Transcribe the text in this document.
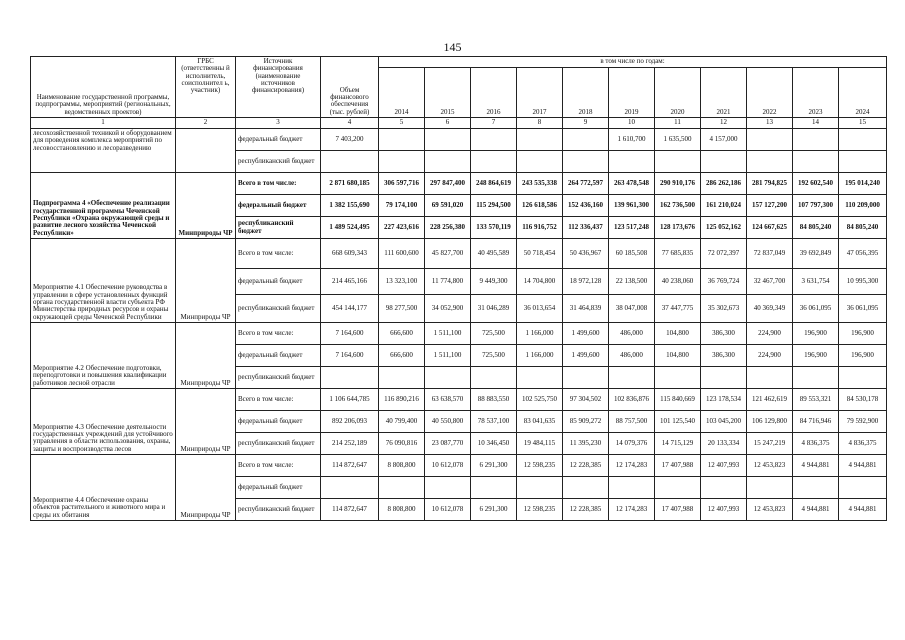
145
Наименование государственной программы, подпрограммы, мероприятий (региональных, ведомственных проектов)	ГРБС (ответственны й исполнитель, соисполнител ь, участник)	Источник финансирования (наименование источников финансирования)	Объем финансового обеспечения (тыс. рублей)	в том числе по годам:										
				2014	2015	2016	2017	2018	2019	2020	2021	2022	2023	2024
1	2	3	4	5	6	7	8	9	10	11	12	13	14	15
лесохозяйственной техникой и оборудованием для проведения комплекса мероприятий по лесовосстановлению и лесоразведению		федеральный бюджет	7 403,200						1 610,700	1 635,500	4 157,000			
		республиканский бюджет												
Подпрограмма 4 «Обеспечение реализации государственной программы Чеченской Республики «Охрана окружающей среды и развитие лесного хозяйства Чеченской Республики»	Минприроды ЧР	Всего в том числе:	2 871 680,185	306 597,716	297 847,400	248 864,619	243 535,338	264 772,597	263 478,548	290 910,176	286 262,186	281 794,825	192 602,540	195 014,240
		федеральный бюджет	1 382 155,690	79 174,100	69 591,020	115 294,500	126 618,586	152 436,160	139 961,300	162 736,500	161 210,024	157 127,200	107 797,300	110 209,000
		республиканский бюджет	1 489 524,495	227 423,616	228 256,380	133 570,119	116 916,752	112 336,437	123 517,248	128 173,676	125 052,162	124 667,625	84 805,240	84 805,240
Мероприятие 4.1 Обеспечение руководства в управлении в сфере установленных функций органа государственной власти субъекта РФ Министерства природных ресурсов и охраны окружающей среды Чеченской Республики	Минприроды ЧР	Всего в том числе:	668 609,343	111 600,600	45 827,700	40 495,589	50 718,454	50 436,967	60 185,508	77 685,835	72 072,397	72 837,049	39 692,849	47 056,395
		федеральный бюджет	214 465,166	13 323,100	11 774,800	9 449,300	14 704,800	18 972,128	22 138,500	40 238,060	36 769,724	32 467,700	3 631,754	10 995,300
		республиканский бюджет	454 144,177	98 277,500	34 052,900	31 046,289	36 013,654	31 464,839	38 047,008	37 447,775	35 302,673	40 369,349	36 061,095	36 061,095
Мероприятие 4.2 Обеспечение подготовки, переподготовки и повышения квалификации работников лесной отрасли	Минприроды ЧР	Всего в том числе:	7 164,600	666,600	1 511,100	725,500	1 166,000	1 499,600	486,000	104,800	386,300	224,900	196,900	196,900
		федеральный бюджет	7 164,600	666,600	1 511,100	725,500	1 166,000	1 499,600	486,000	104,800	386,300	224,900	196,900	196,900
		республиканский бюджет												
Мероприятие 4.3 Обеспечение деятельности государственных учреждений для устойчивого управления в области использования, охраны, защиты и воспроизводства лесов	Минприроды ЧР	Всего в том числе:	1 106 644,785	116 890,216	63 638,570	88 883,550	102 525,750	97 304,502	102 836,876	115 840,669	123 178,534	121 462,619	89 553,321	84 530,178
		федеральный бюджет	892 206,093	40 799,400	40 550,800	78 537,100	83 041,635	85 909,272	88 757,500	101 125,540	103 045,200	106 129,800	84 716,946	79 592,900
		республиканский бюджет	214 252,189	76 090,816	23 087,770	10 346,450	19 484,115	11 395,230	14 079,376	14 715,129	20 133,334	15 247,219	4 836,375	4 836,375
Мероприятие 4.4 Обеспечение охраны объектов растительного и животного мира и среды их обитания	Минприроды ЧР	Всего в том числе:	114 872,647	8 808,800	10 612,078	6 291,300	12 598,235	12 228,385	12 174,283	17 407,988	12 407,993	12 453,823	4 944,881	4 944,881
		федеральный бюджет												
		республиканский бюджет	114 872,647	8 808,800	10 612,078	6 291,300	12 598,235	12 228,385	12 174,283	17 407,988	12 407,993	12 453,823	4 944,881	4 944,881
